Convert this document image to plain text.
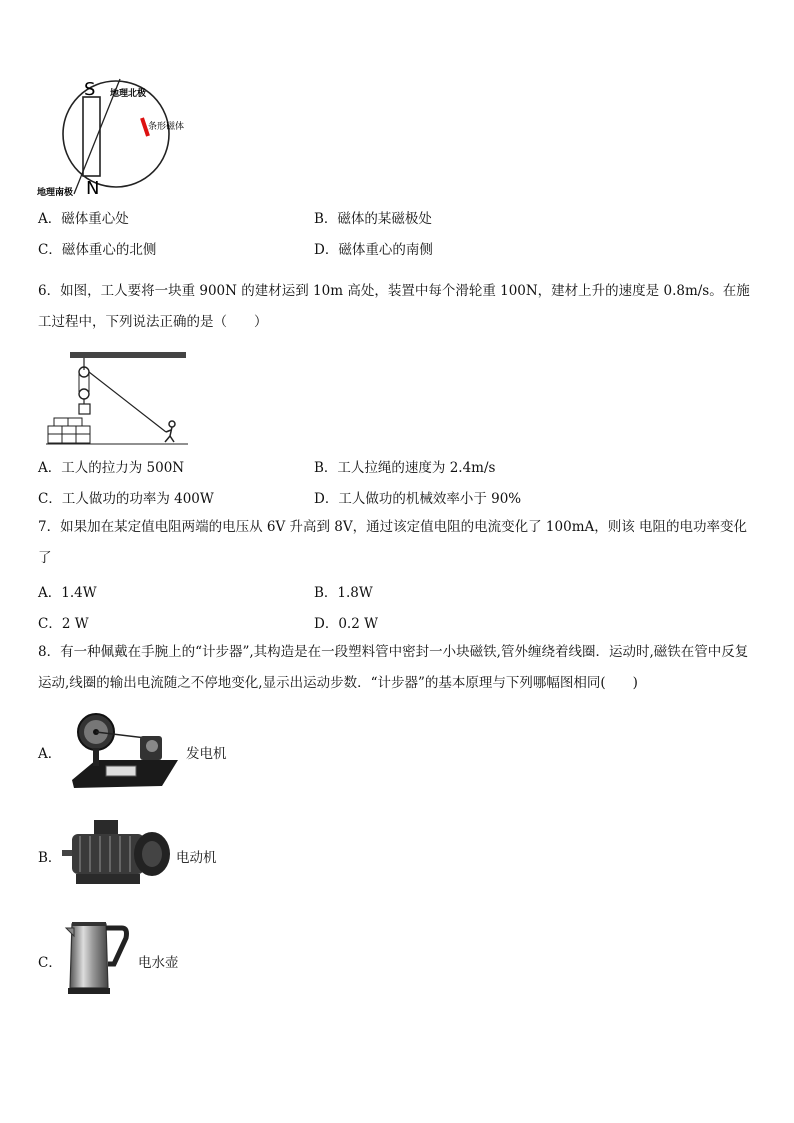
S
N
地理北极
地理南极
条形磁体
A．磁体重心处	B．磁体的某磁极处
C．磁体重心的北侧	D．磁体重心的南侧
6．如图，工人要将一块重 900N 的建材运到 10m 高处，装置中每个滑轮重 100N，建材上升的速度是 0.8m/s。在施工过程中，下列说法正确的是（　　）
A．工人的拉力为 500N	B．工人拉绳的速度为 2.4m/s
C．工人做功的功率为 400W	D．工人做功的机械效率小于 90%
7．如果加在某定值电阻两端的电压从 6V 升高到 8V，通过该定值电阻的电流变化了 100mA，则该 电阻的电功率变化了
A．1.4W	B．1.8W
C．2 W	D．0.2 W
8．有一种佩戴在手腕上的“计步器”,其构造是在一段塑料管中密封一小块磁铁,管外缠绕着线圈．运动时,磁铁在管中反复运动,线圈的输出电流随之不停地变化,显示出运动步数．“计步器”的基本原理与下列哪幅图相同(　　)
A．	发电机
B．	电动机
C．	电水壶
